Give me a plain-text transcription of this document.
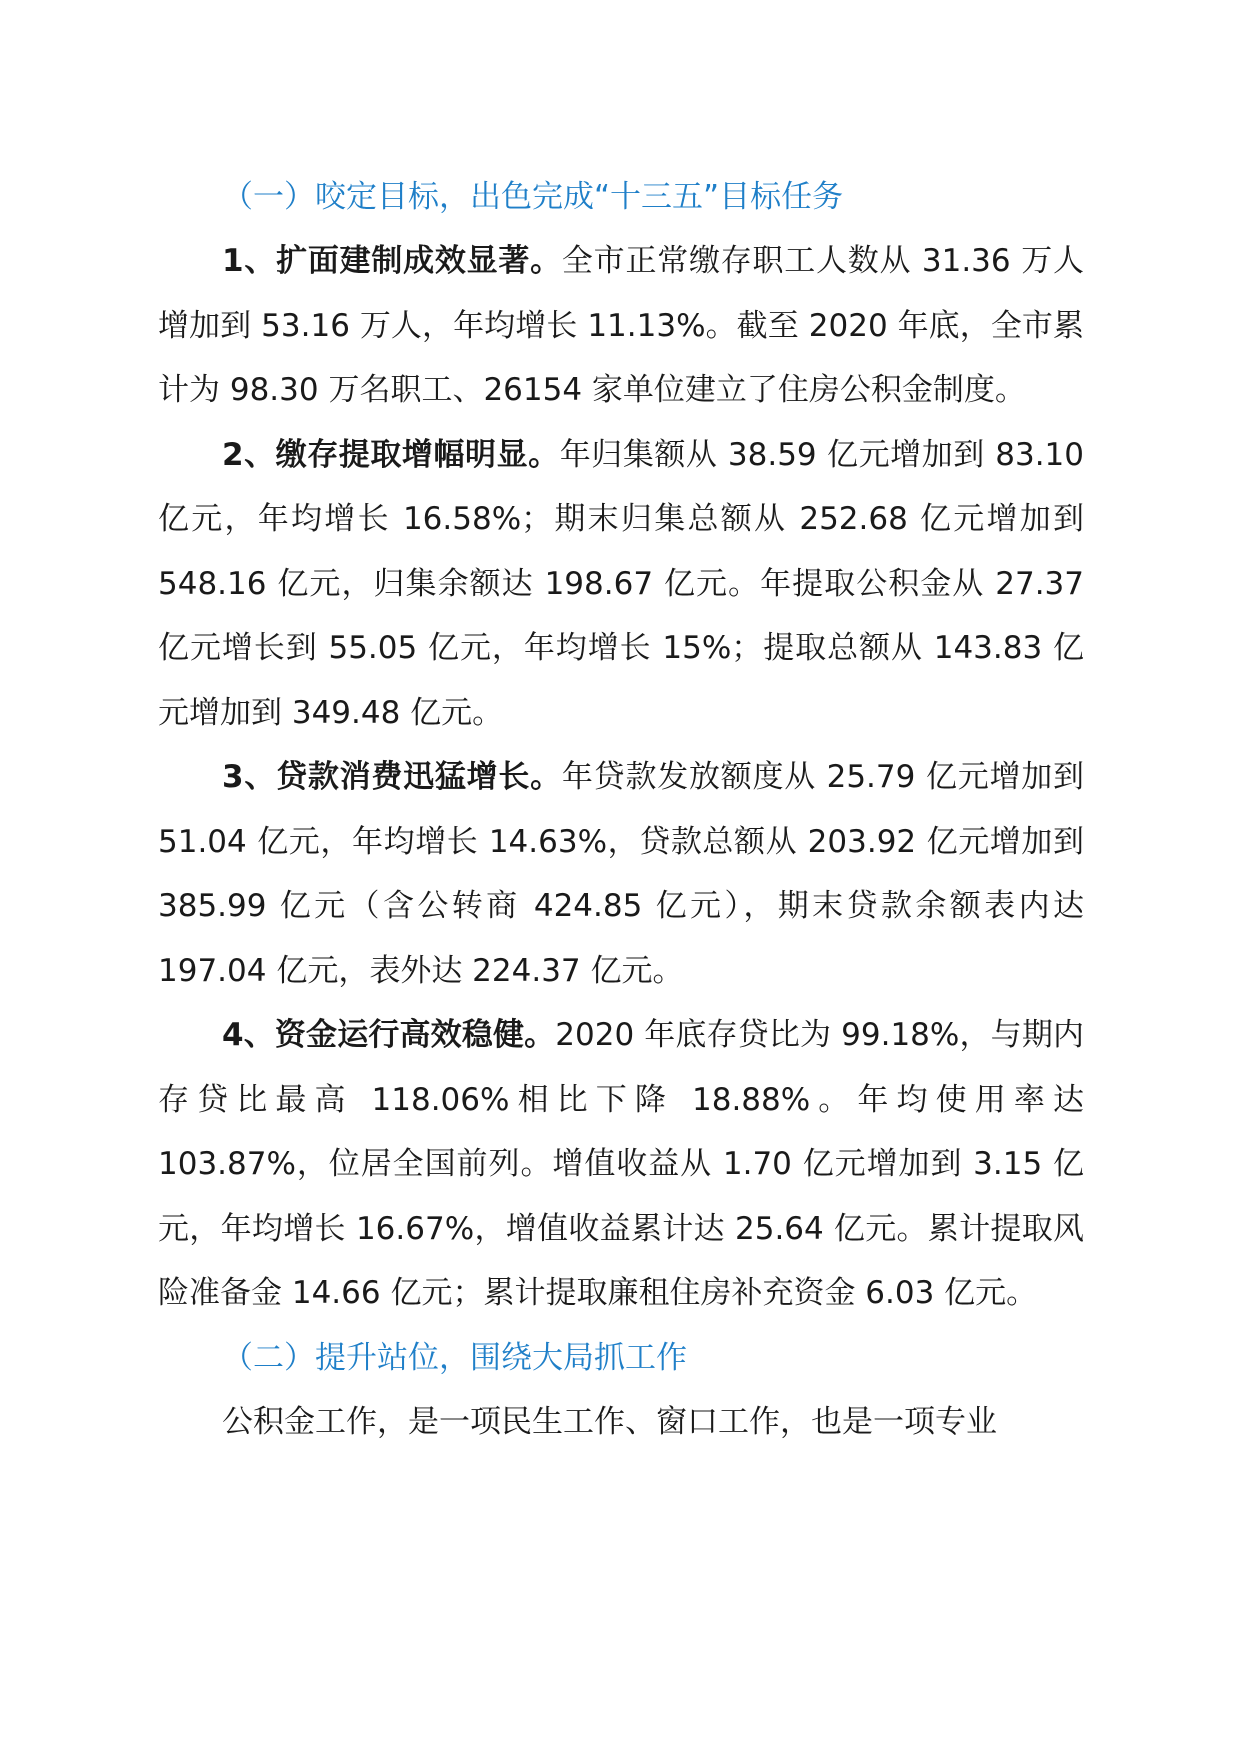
（一）咬定目标，出色完成“十三五”目标任务

1、扩面建制成效显著。全市正常缴存职工人数从 31.36 万人增加到 53.16 万人，年均增长 11.13%。截至 2020 年底，全市累计为 98.30 万名职工、26154 家单位建立了住房公积金制度。

2、缴存提取增幅明显。年归集额从 38.59 亿元增加到 83.10 亿元，年均增长 16.58%；期末归集总额从 252.68 亿元增加到 548.16 亿元，归集余额达 198.67 亿元。年提取公积金从 27.37 亿元增长到 55.05 亿元，年均增长 15%；提取总额从 143.83 亿元增加到 349.48 亿元。

3、贷款消费迅猛增长。年贷款发放额度从 25.79 亿元增加到 51.04 亿元，年均增长 14.63%，贷款总额从 203.92 亿元增加到 385.99 亿元（含公转商 424.85 亿元），期末贷款余额表内达 197.04 亿元，表外达 224.37 亿元。

4、资金运行高效稳健。2020 年底存贷比为 99.18%，与期内存贷比最高 118.06%相比下降 18.88%。年均使用率达 103.87%，位居全国前列。增值收益从 1.70 亿元增加到 3.15 亿元，年均增长 16.67%，增值收益累计达 25.64 亿元。累计提取风险准备金 14.66 亿元；累计提取廉租住房补充资金 6.03 亿元。

（二）提升站位，围绕大局抓工作

公积金工作，是一项民生工作、窗口工作，也是一项专业
